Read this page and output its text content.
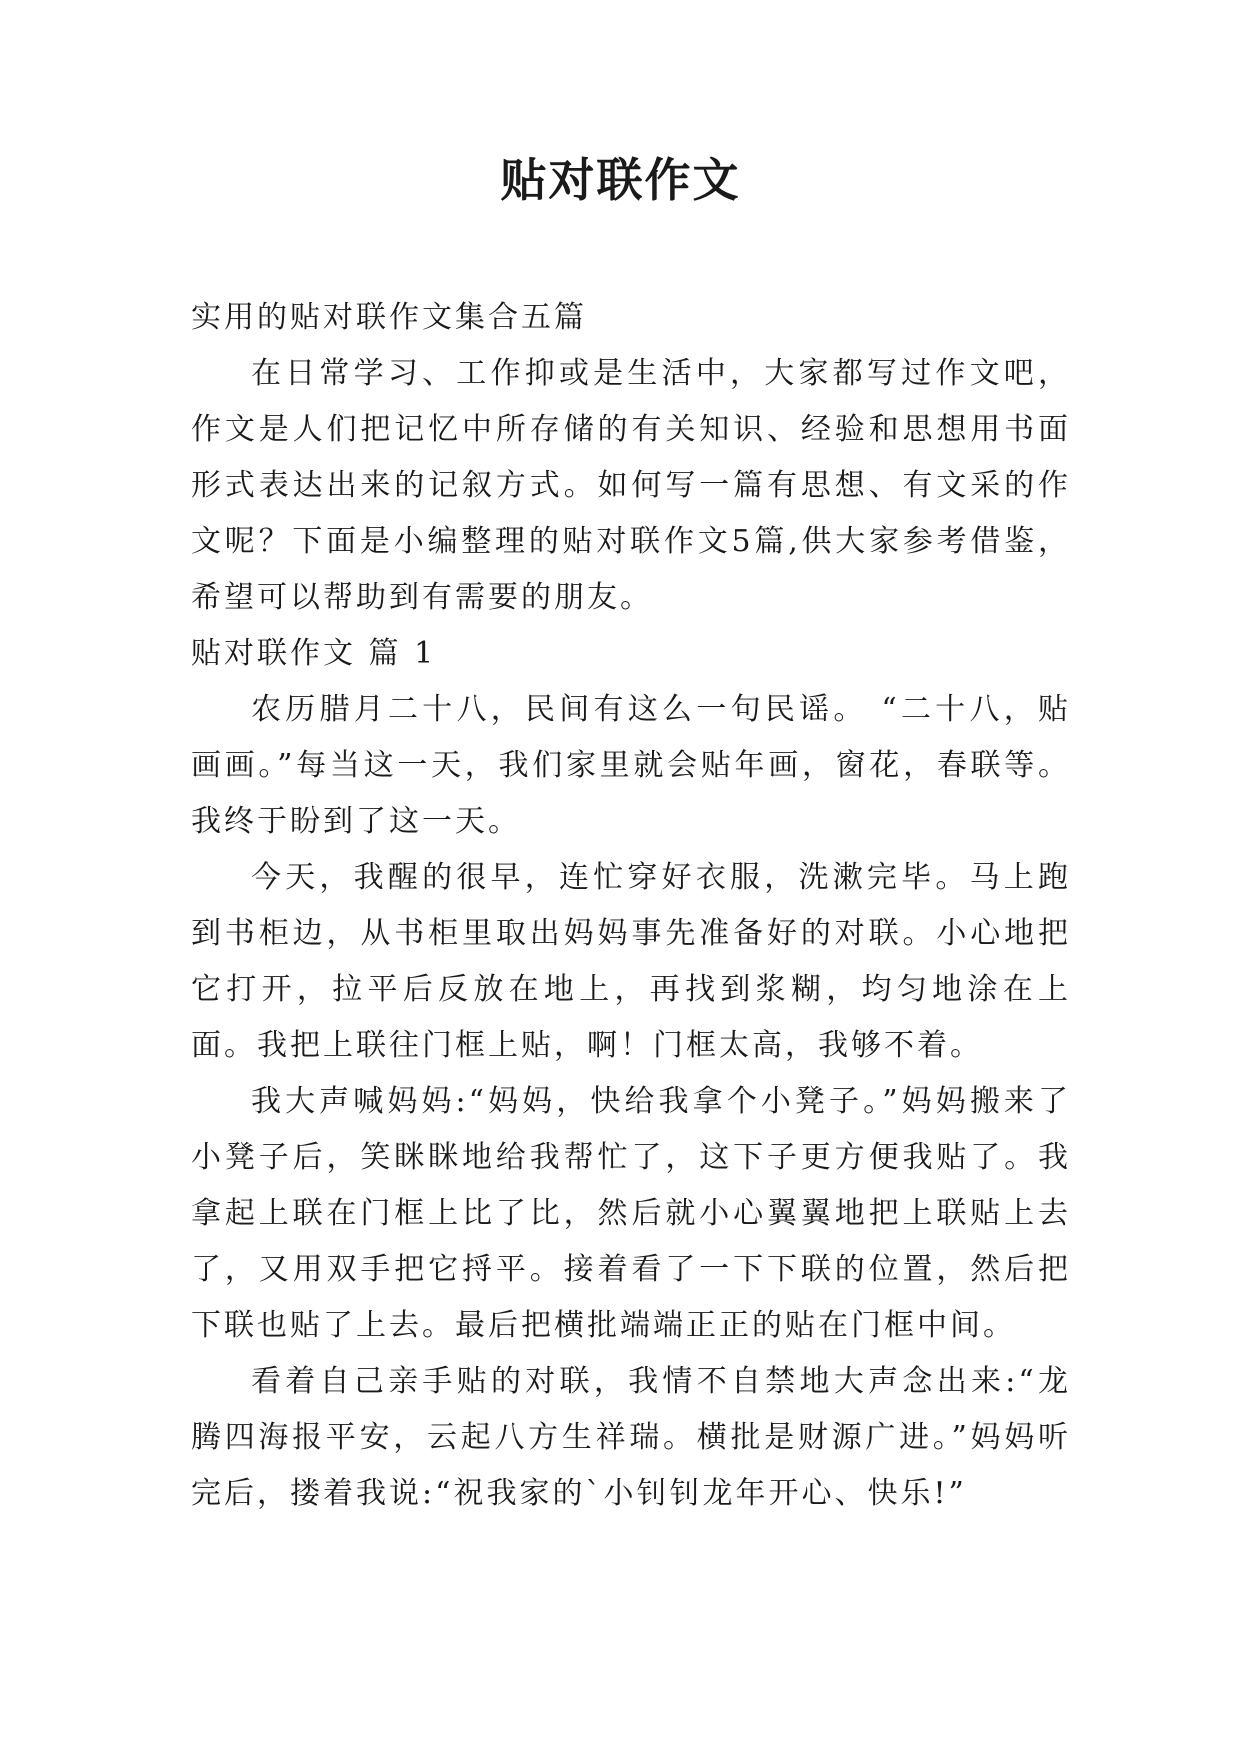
贴对联作文

实用的贴对联作文集合五篇

在日常学习、工作抑或是生活中，大家都写过作文吧，作文是人们把记忆中所存储的有关知识、经验和思想用书面形式表达出来的记叙方式。如何写一篇有思想、有文采的作文呢？下面是小编整理的贴对联作文5篇,供大家参考借鉴，希望可以帮助到有需要的朋友。

贴对联作文 篇 1

农历腊月二十八，民间有这么一句民谣。 “二十八，贴画画。”每当这一天，我们家里就会贴年画，窗花，春联等。我终于盼到了这一天。

今天，我醒的很早，连忙穿好衣服，洗漱完毕。马上跑到书柜边，从书柜里取出妈妈事先准备好的对联。小心地把它打开，拉平后反放在地上，再找到浆糊，均匀地涂在上面。我把上联往门框上贴，啊！门框太高，我够不着。

我大声喊妈妈:“妈妈，快给我拿个小凳子。”妈妈搬来了小凳子后，笑眯眯地给我帮忙了，这下子更方便我贴了。我拿起上联在门框上比了比，然后就小心翼翼地把上联贴上去了，又用双手把它捋平。接着看了一下下联的位置，然后把下联也贴了上去。最后把横批端端正正的贴在门框中间。

看着自己亲手贴的对联，我情不自禁地大声念出来:“龙腾四海报平安，云起八方生祥瑞。横批是财源广进。”妈妈听完后，搂着我说:“祝我家的`小钊钊龙年开心、快乐!”
